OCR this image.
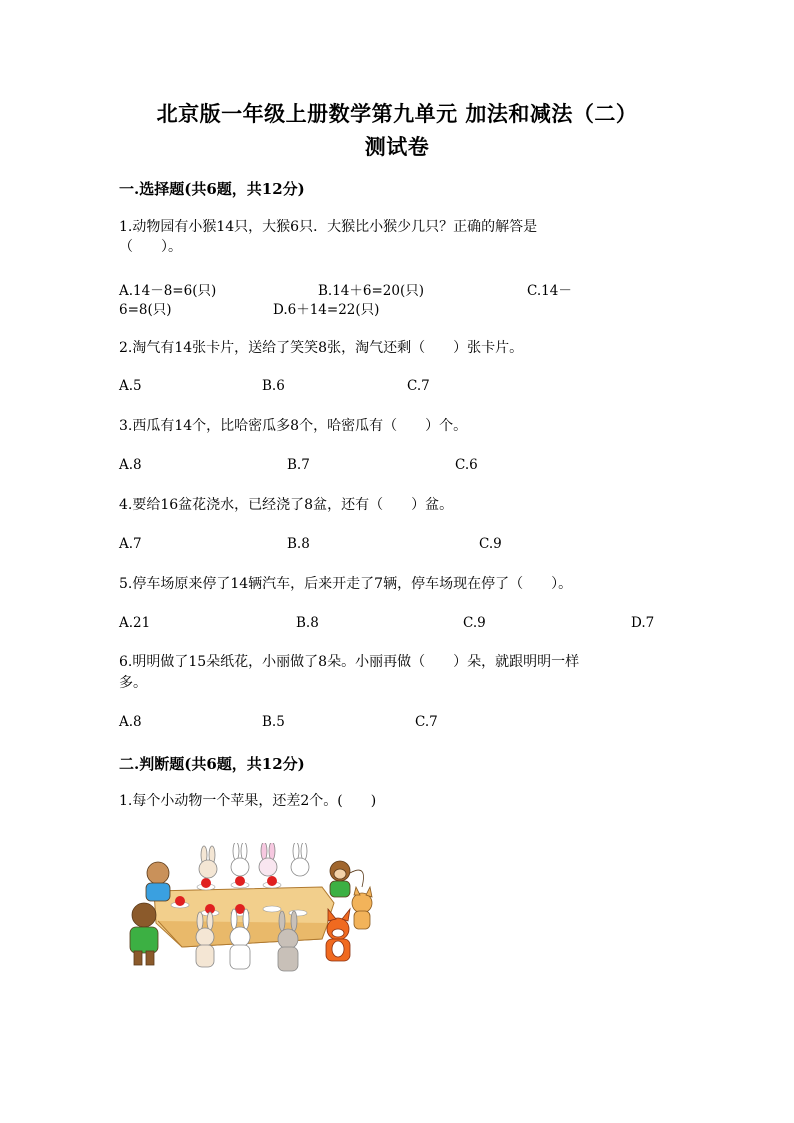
北京版一年级上册数学第九单元 加法和减法（二）
测试卷
一.选择题(共6题，共12分)
1.动物园有小猴14只，大猴6只．大猴比小猴少几只？正确的解答是
（　　）。
A.14－8=6(只)	B.14＋6=20(只)	C.14－
6=8(只)	D.6＋14=22(只)
2.淘气有14张卡片，送给了笑笑8张，淘气还剩（　　）张卡片。
A.5	B.6	C.7
3.西瓜有14个，比哈密瓜多8个，哈密瓜有（　　）个。
A.8	B.7	C.6
4.要给16盆花浇水，已经浇了8盆，还有（　　）盆。
A.7	B.8	C.9
5.停车场原来停了14辆汽车，后来开走了7辆，停车场现在停了（　　）。
A.21	B.8	C.9	D.7
6.明明做了15朵纸花，小丽做了8朵。小丽再做（　　）朵，就跟明明一样
多。
A.8	B.5	C.7
二.判断题(共6题，共12分)
1.每个小动物一个苹果，还差2个。(　　)
